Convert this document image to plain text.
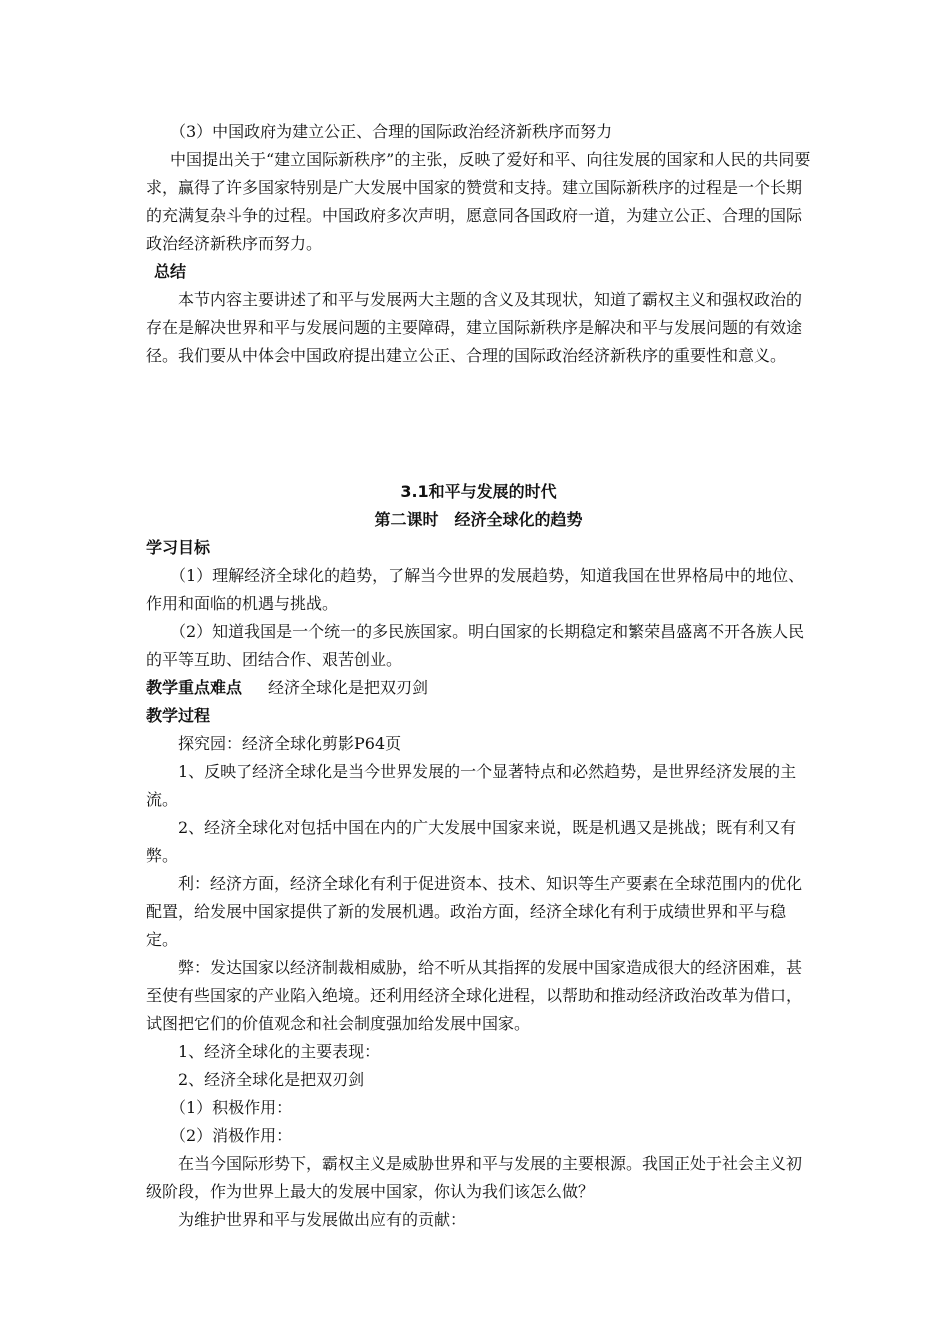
（3）中国政府为建立公正、合理的国际政治经济新秩序而努力

中国提出关于“建立国际新秩序”的主张，反映了爱好和平、向往发展的国家和人民的共同要求，赢得了许多国家特别是广大发展中国家的赞赏和支持。建立国际新秩序的过程是一个长期的充满复杂斗争的过程。中国政府多次声明，愿意同各国政府一道，为建立公正、合理的国际政治经济新秩序而努力。

总结

本节内容主要讲述了和平与发展两大主题的含义及其现状，知道了霸权主义和强权政治的存在是解决世界和平与发展问题的主要障碍，建立国际新秩序是解决和平与发展问题的有效途径。我们要从中体会中国政府提出建立公正、合理的国际政治经济新秩序的重要性和意义。

3.1和平与发展的时代

第二课时　经济全球化的趋势

学习目标

（1）理解经济全球化的趋势，了解当今世界的发展趋势，知道我国在世界格局中的地位、作用和面临的机遇与挑战。

（2）知道我国是一个统一的多民族国家。明白国家的长期稳定和繁荣昌盛离不开各族人民的平等互助、团结合作、艰苦创业。

教学重点难点 经济全球化是把双刃剑

教学过程

探究园：经济全球化剪影P64页

1、反映了经济全球化是当今世界发展的一个显著特点和必然趋势，是世界经济发展的主流。

2、经济全球化对包括中国在内的广大发展中国家来说，既是机遇又是挑战；既有利又有弊。

利：经济方面，经济全球化有利于促进资本、技术、知识等生产要素在全球范围内的优化配置，给发展中国家提供了新的发展机遇。政治方面，经济全球化有利于成绩世界和平与稳定。

弊：发达国家以经济制裁相威胁，给不听从其指挥的发展中国家造成很大的经济困难，甚至使有些国家的产业陷入绝境。还利用经济全球化进程，以帮助和推动经济政治改革为借口，试图把它们的价值观念和社会制度强加给发展中国家。

1、经济全球化的主要表现：

2、经济全球化是把双刃剑

（1）积极作用：

（2）消极作用：

在当今国际形势下，霸权主义是威胁世界和平与发展的主要根源。我国正处于社会主义初级阶段，作为世界上最大的发展中国家，你认为我们该怎么做？

为维护世界和平与发展做出应有的贡献：
